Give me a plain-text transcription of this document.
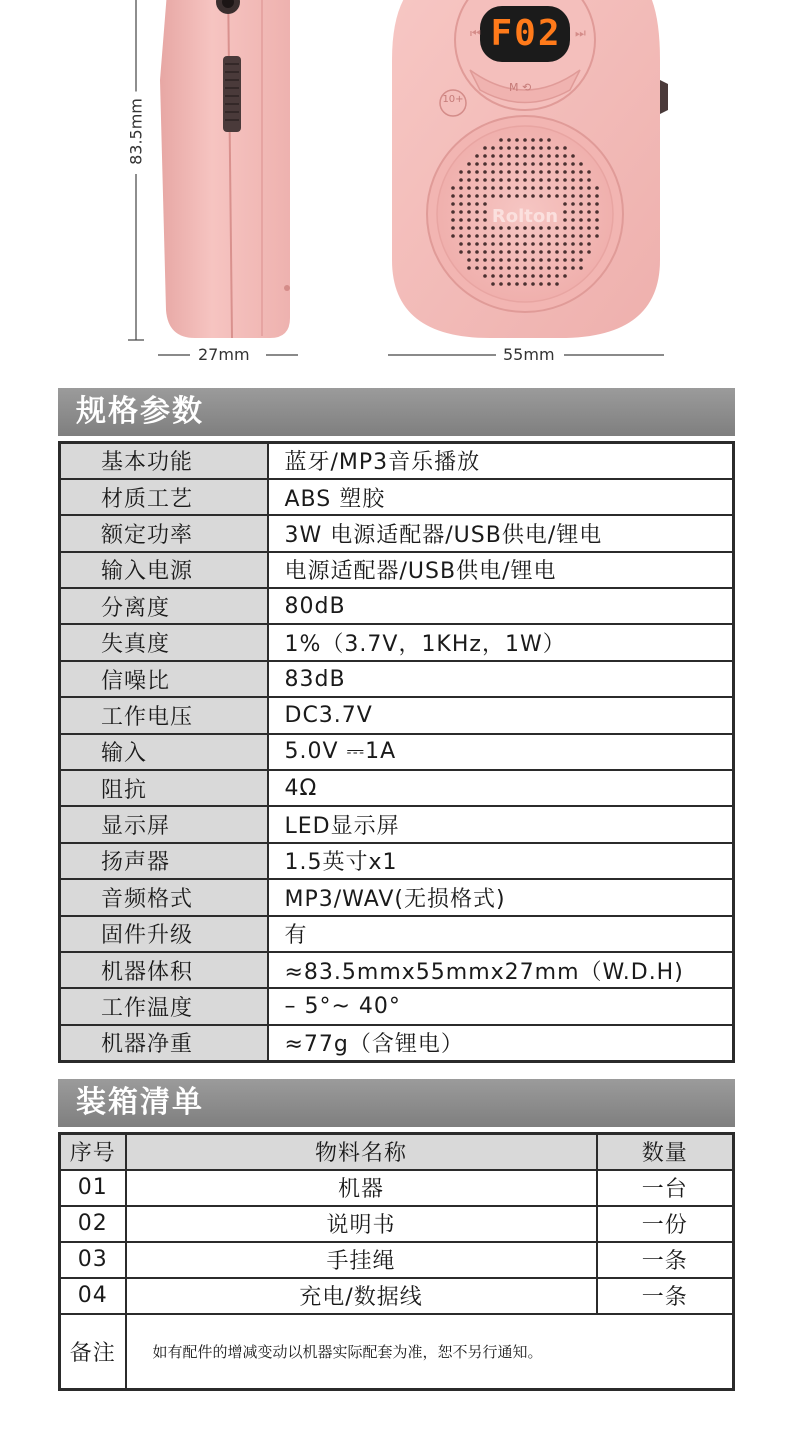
⏮	⏭
M ⟲
F02
Rolton
10+
83.5mm
27mm	55mm
规格参数
基本功能	蓝牙/MP3音乐播放
材质工艺	ABS 塑胶
额定功率	3W 电源适配器/USB供电/锂电
输入电源	电源适配器/USB供电/锂电
分离度	80dB
失真度	1%（3.7V，1KHz，1W）
信噪比	83dB
工作电压	DC3.7V
输入	5.0V ⎓1A
阻抗	4Ω
显示屏	LED显示屏
扬声器	1.5英寸x1
音频格式	MP3/WAV(无损格式)
固件升级	有
机器体积	≈83.5mmx55mmx27mm（W.D.H)
工作温度	– 5°~ 40°
机器净重	≈77g（含锂电）
装箱清单
序号	物料名称	数量
01	机器	一台
02	说明书	一份
03	手挂绳	一条
04	充电/数据线	一条
备注	如有配件的增减变动以机器实际配套为准，恕不另行通知。	
